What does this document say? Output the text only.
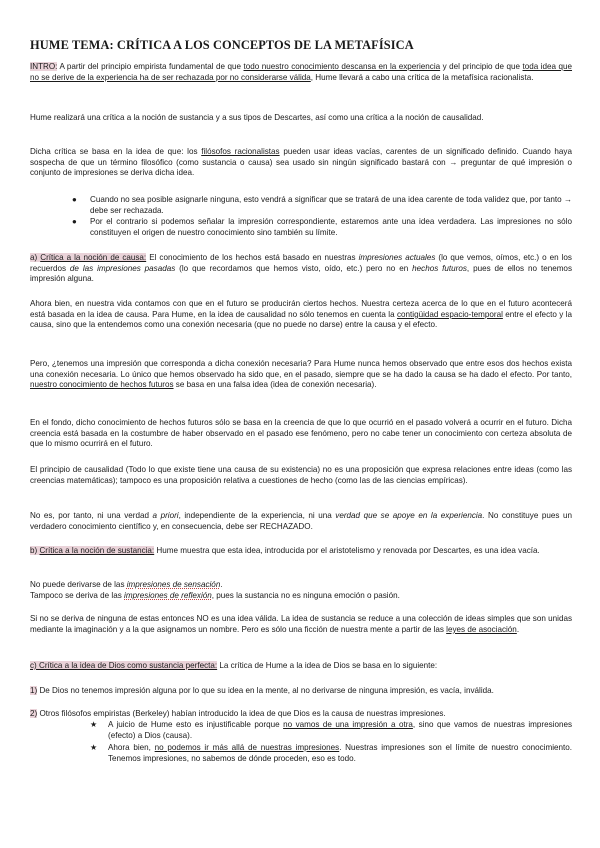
HUME TEMA: CRÍTICA A LOS CONCEPTOS DE LA METAFÍSICA

INTRO: A partir del principio empirista fundamental de que todo nuestro conocimiento descansa en la experiencia y del principio de que toda idea que no se derive de la experiencia ha de ser rechazada por no considerarse válida, Hume llevará a cabo una crítica de la metafísica racionalista.

Hume realizará una crítica a la noción de sustancia y a sus tipos de Descartes, así como una crítica a la noción de causalidad.

Dicha crítica se basa en la idea de que: los filósofos racionalistas pueden usar ideas vacías, carentes de un significado definido. Cuando haya sospecha de que un término filosófico (como sustancia o causa) sea usado sin ningún significado bastará con → preguntar de qué impresión o conjunto de impresiones se deriva dicha idea.

● Cuando no sea posible asignarle ninguna, esto vendrá a significar que se tratará de una idea carente de toda validez que, por tanto → debe ser rechazada.
● Por el contrario si podemos señalar la impresión correspondiente, estaremos ante una idea verdadera. Las impresiones no sólo constituyen el origen de nuestro conocimiento sino también su límite.

a) Crítica a la noción de causa: El conocimiento de los hechos está basado en nuestras impresiones actuales (lo que vemos, oímos, etc.) o en los recuerdos de las impresiones pasadas (lo que recordamos que hemos visto, oído, etc.) pero no en hechos futuros, pues de ellos no tenemos impresión alguna.

Ahora bien, en nuestra vida contamos con que en el futuro se producirán ciertos hechos. Nuestra certeza acerca de lo que en el futuro acontecerá está basada en la idea de causa. Para Hume, en la idea de causalidad no sólo tenemos en cuenta la contigüidad espacio-temporal entre el efecto y la causa, sino que la entendemos como una conexión necesaria (que no puede no darse) entre la causa y el efecto.

Pero, ¿tenemos una impresión que corresponda a dicha conexión necesaria? Para Hume nunca hemos observado que entre esos dos hechos exista una conexión necesaria. Lo único que hemos observado ha sido que, en el pasado, siempre que se ha dado la causa se ha dado el efecto. Por tanto, nuestro conocimiento de hechos futuros se basa en una falsa idea (idea de conexión necesaria).

En el fondo, dicho conocimiento de hechos futuros sólo se basa en la creencia de que lo que ocurrió en el pasado volverá a ocurrir en el futuro. Dicha creencia está basada en la costumbre de haber observado en el pasado ese fenómeno, pero no cabe tener un conocimiento con certeza absoluta de que lo mismo ocurrirá en el futuro.

El principio de causalidad (Todo lo que existe tiene una causa de su existencia) no es una proposición que expresa relaciones entre ideas (como las creencias matemáticas); tampoco es una proposición relativa a cuestiones de hecho (como las de las ciencias empíricas).

No es, por tanto, ni una verdad a priori, independiente de la experiencia, ni una verdad que se apoye en la experiencia. No constituye pues un verdadero conocimiento científico y, en consecuencia, debe ser RECHAZADO.

b) Crítica a la noción de sustancia: Hume muestra que esta idea, introducida por el aristotelismo y renovada por Descartes, es una idea vacía.

No puede derivarse de las impresiones de sensación.
Tampoco se deriva de las impresiones de reflexión, pues la sustancia no es ninguna emoción o pasión.

Si no se deriva de ninguna de estas entonces NO es una idea válida. La idea de sustancia se reduce a una colección de ideas simples que son unidas mediante la imaginación y a la que asignamos un nombre. Pero es sólo una ficción de nuestra mente a partir de las leyes de asociación.

c) Crítica a la idea de Dios como sustancia perfecta: La crítica de Hume a la idea de Dios se basa en lo siguiente:

1) De Dios no tenemos impresión alguna por lo que su idea en la mente, al no derivarse de ninguna impresión, es vacía, inválida.

2) Otros filósofos empiristas (Berkeley) habían introducido la idea de que Dios es la causa de nuestras impresiones.

★ A juicio de Hume esto es injustificable porque no vamos de una impresión a otra, sino que vamos de nuestras impresiones (efecto) a Dios (causa).
★ Ahora bien, no podemos ir más allá de nuestras impresiones. Nuestras impresiones son el límite de nuestro conocimiento. Tenemos impresiones, no sabemos de dónde proceden, eso es todo.
